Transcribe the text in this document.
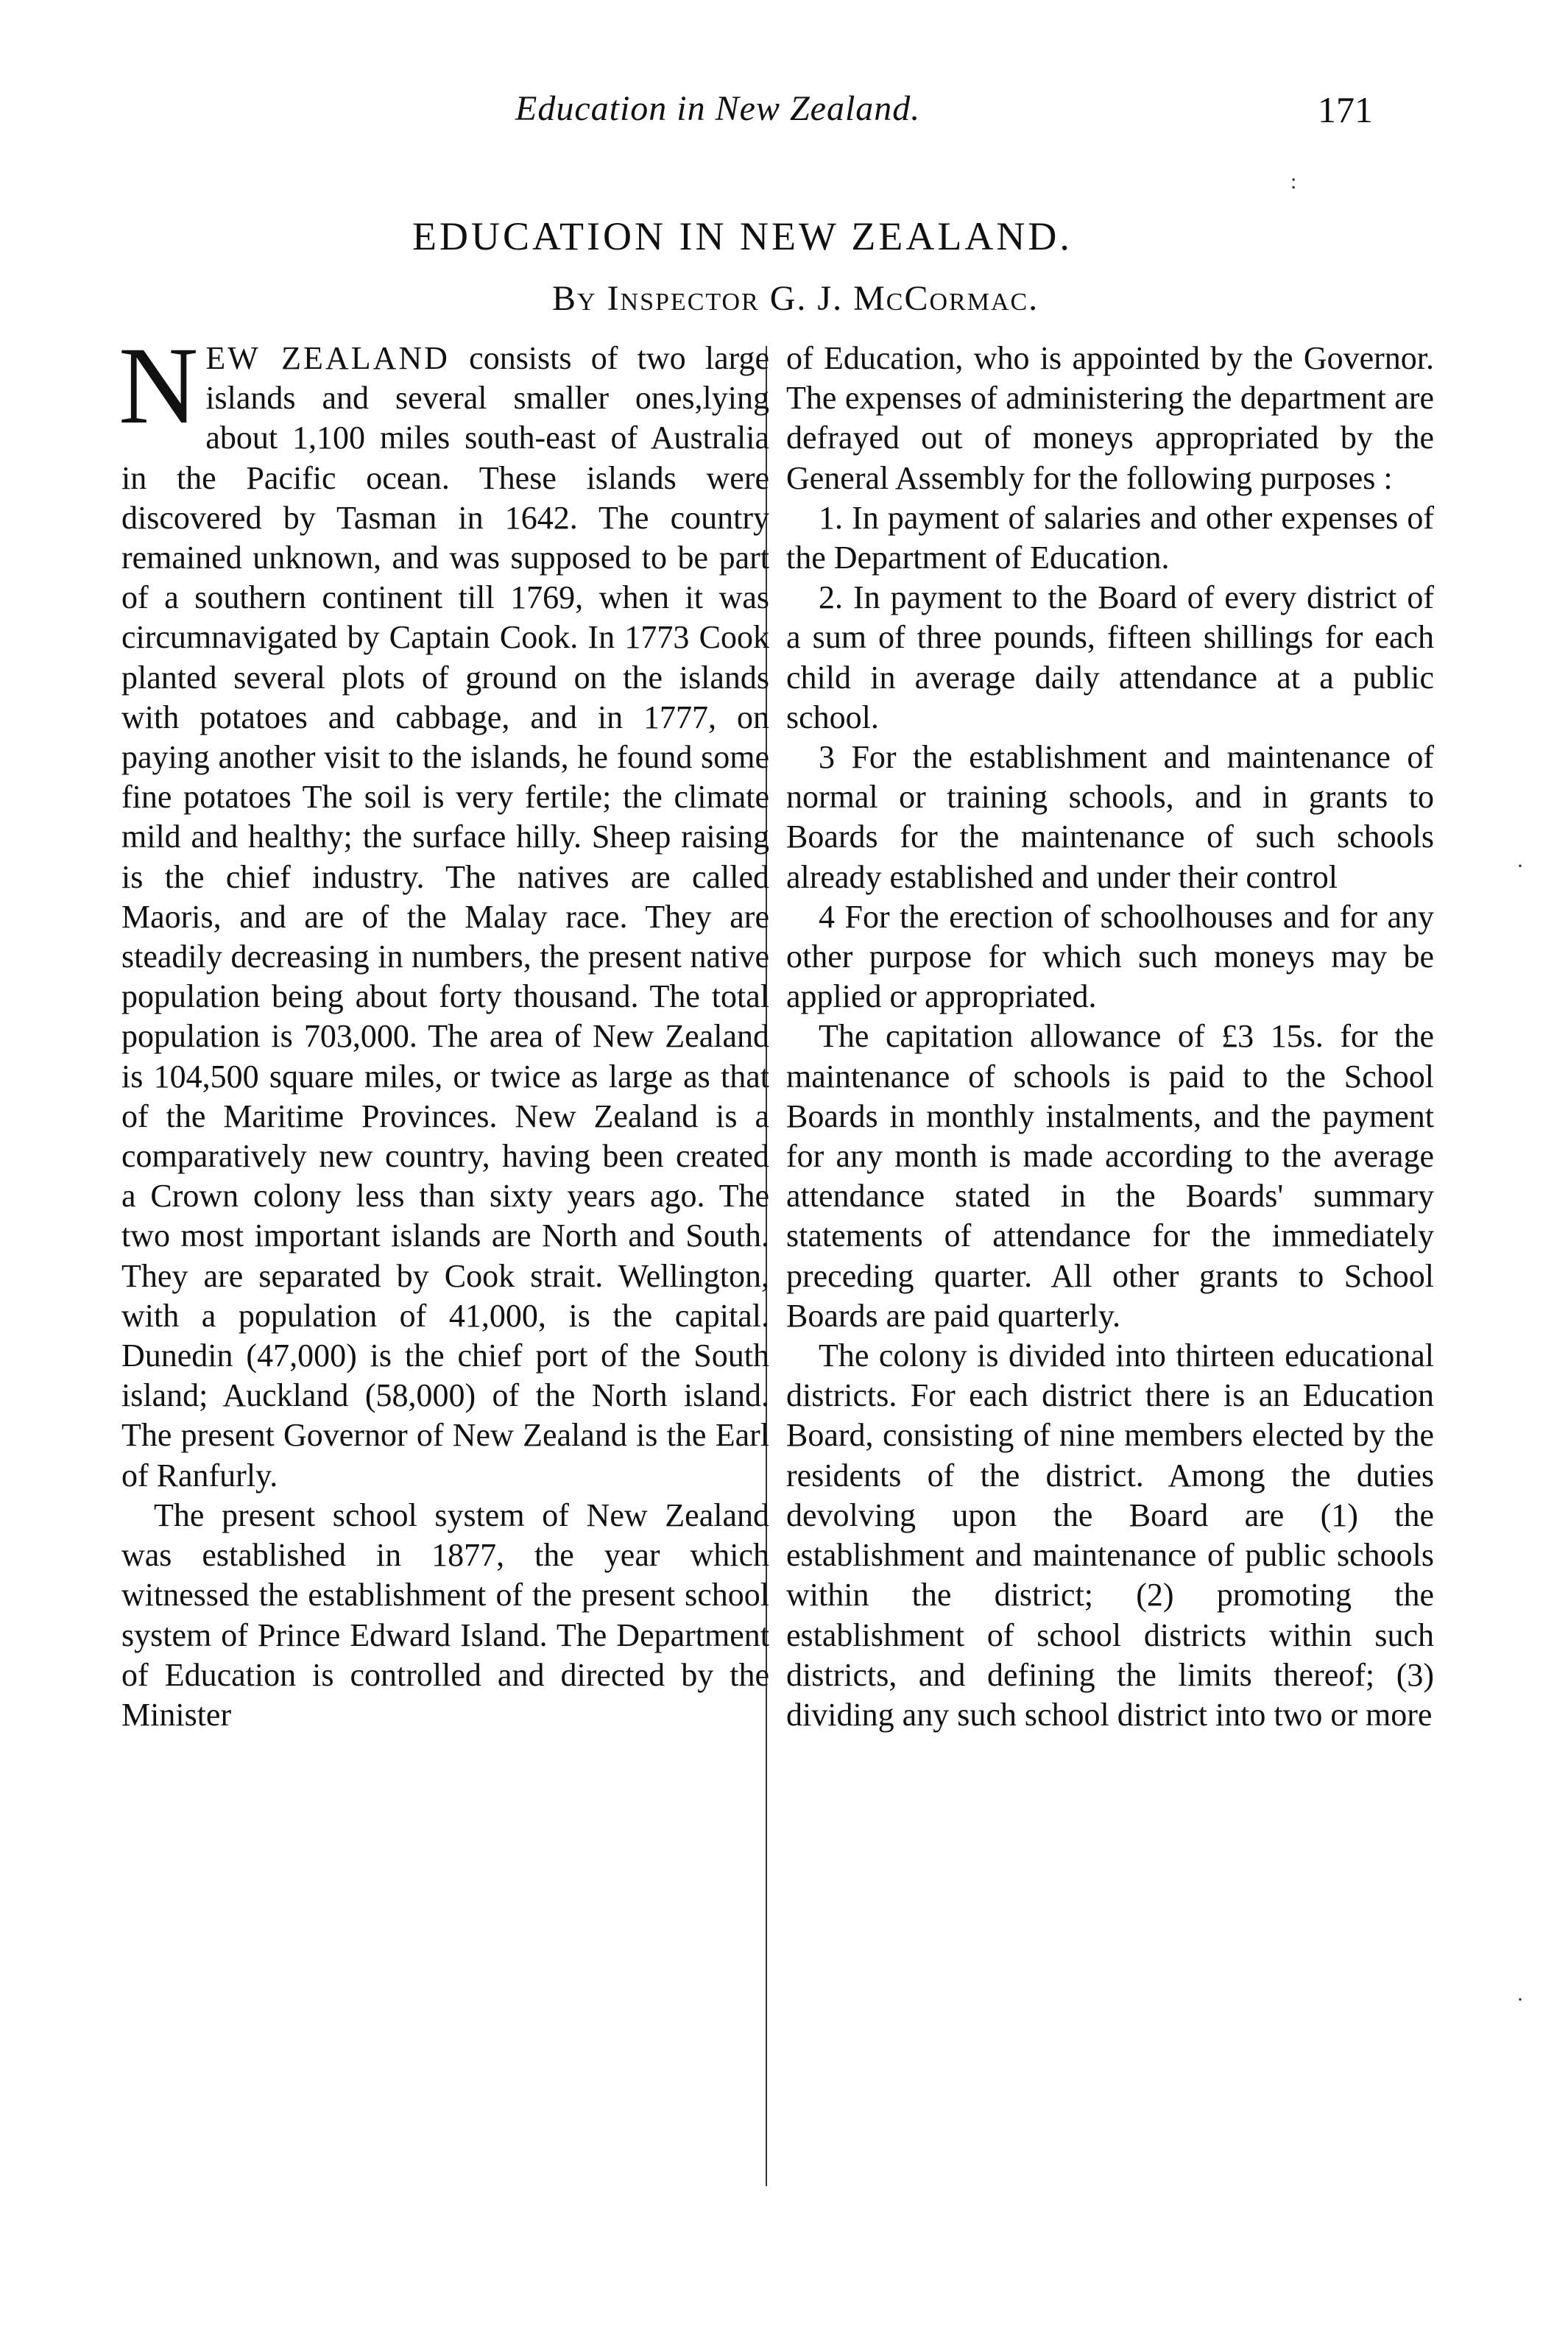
Education in New Zealand.	171
EDUCATION IN NEW ZEALAND.
By Inspector G. J. McCormac.

NEW ZEALAND consists of two large islands and several smaller ones,lying about 1,100 miles south-east of Australia in the Pacific ocean. These islands were discovered by Tasman in 1642. The country remained unknown, and was supposed to be part of a southern continent till 1769, when it was circumnavigated by Captain Cook. In 1773 Cook planted several plots of ground on the islands with potatoes and cabbage, and in 1777, on paying another visit to the islands, he found some fine potatoes The soil is very fertile; the climate mild and healthy; the surface hilly. Sheep raising is the chief industry. The natives are called Maoris, and are of the Malay race. They are steadily decreasing in numbers, the present native population being about forty thousand. The total population is 703,000. The area of New Zealand is 104,500 square miles, or twice as large as that of the Maritime Provinces. New Zealand is a comparatively new country, having been created a Crown colony less than sixty years ago. The two most important islands are North and South. They are separated by Cook strait. Wellington, with a population of 41,000, is the capital. Dunedin (47,000) is the chief port of the South island; Auckland (58,000) of the North island. The present Governor of New Zealand is the Earl of Ranfurly.

The present school system of New Zealand was established in 1877, the year which witnessed the establishment of the present school system of Prince Edward Island. The Department of Education is controlled and directed by the Minister

of Education, who is appointed by the Governor. The expenses of administering the department are defrayed out of moneys appropriated by the General Assembly for the following purposes :

1. In payment of salaries and other expenses of the Department of Education.

2. In payment to the Board of every district of a sum of three pounds, fifteen shillings for each child in average daily attendance at a public school.

3 For the establishment and maintenance of normal or training schools, and in grants to Boards for the maintenance of such schools already established and under their control

4 For the erection of schoolhouses and for any other purpose for which such moneys may be applied or appropriated.

The capitation allowance of £3 15s. for the maintenance of schools is paid to the School Boards in monthly instalments, and the payment for any month is made according to the average attendance stated in the Boards' summary statements of attendance for the immediately preceding quarter. All other grants to School Boards are paid quarterly.

The colony is divided into thirteen educational districts. For each district there is an Education Board, consisting of nine members elected by the residents of the district. Among the duties devolving upon the Board are (1) the establishment and maintenance of public schools within the district; (2) promoting the establishment of school districts within such districts, and defining the limits thereof; (3) dividing any such school district into two or more

:
·
·
